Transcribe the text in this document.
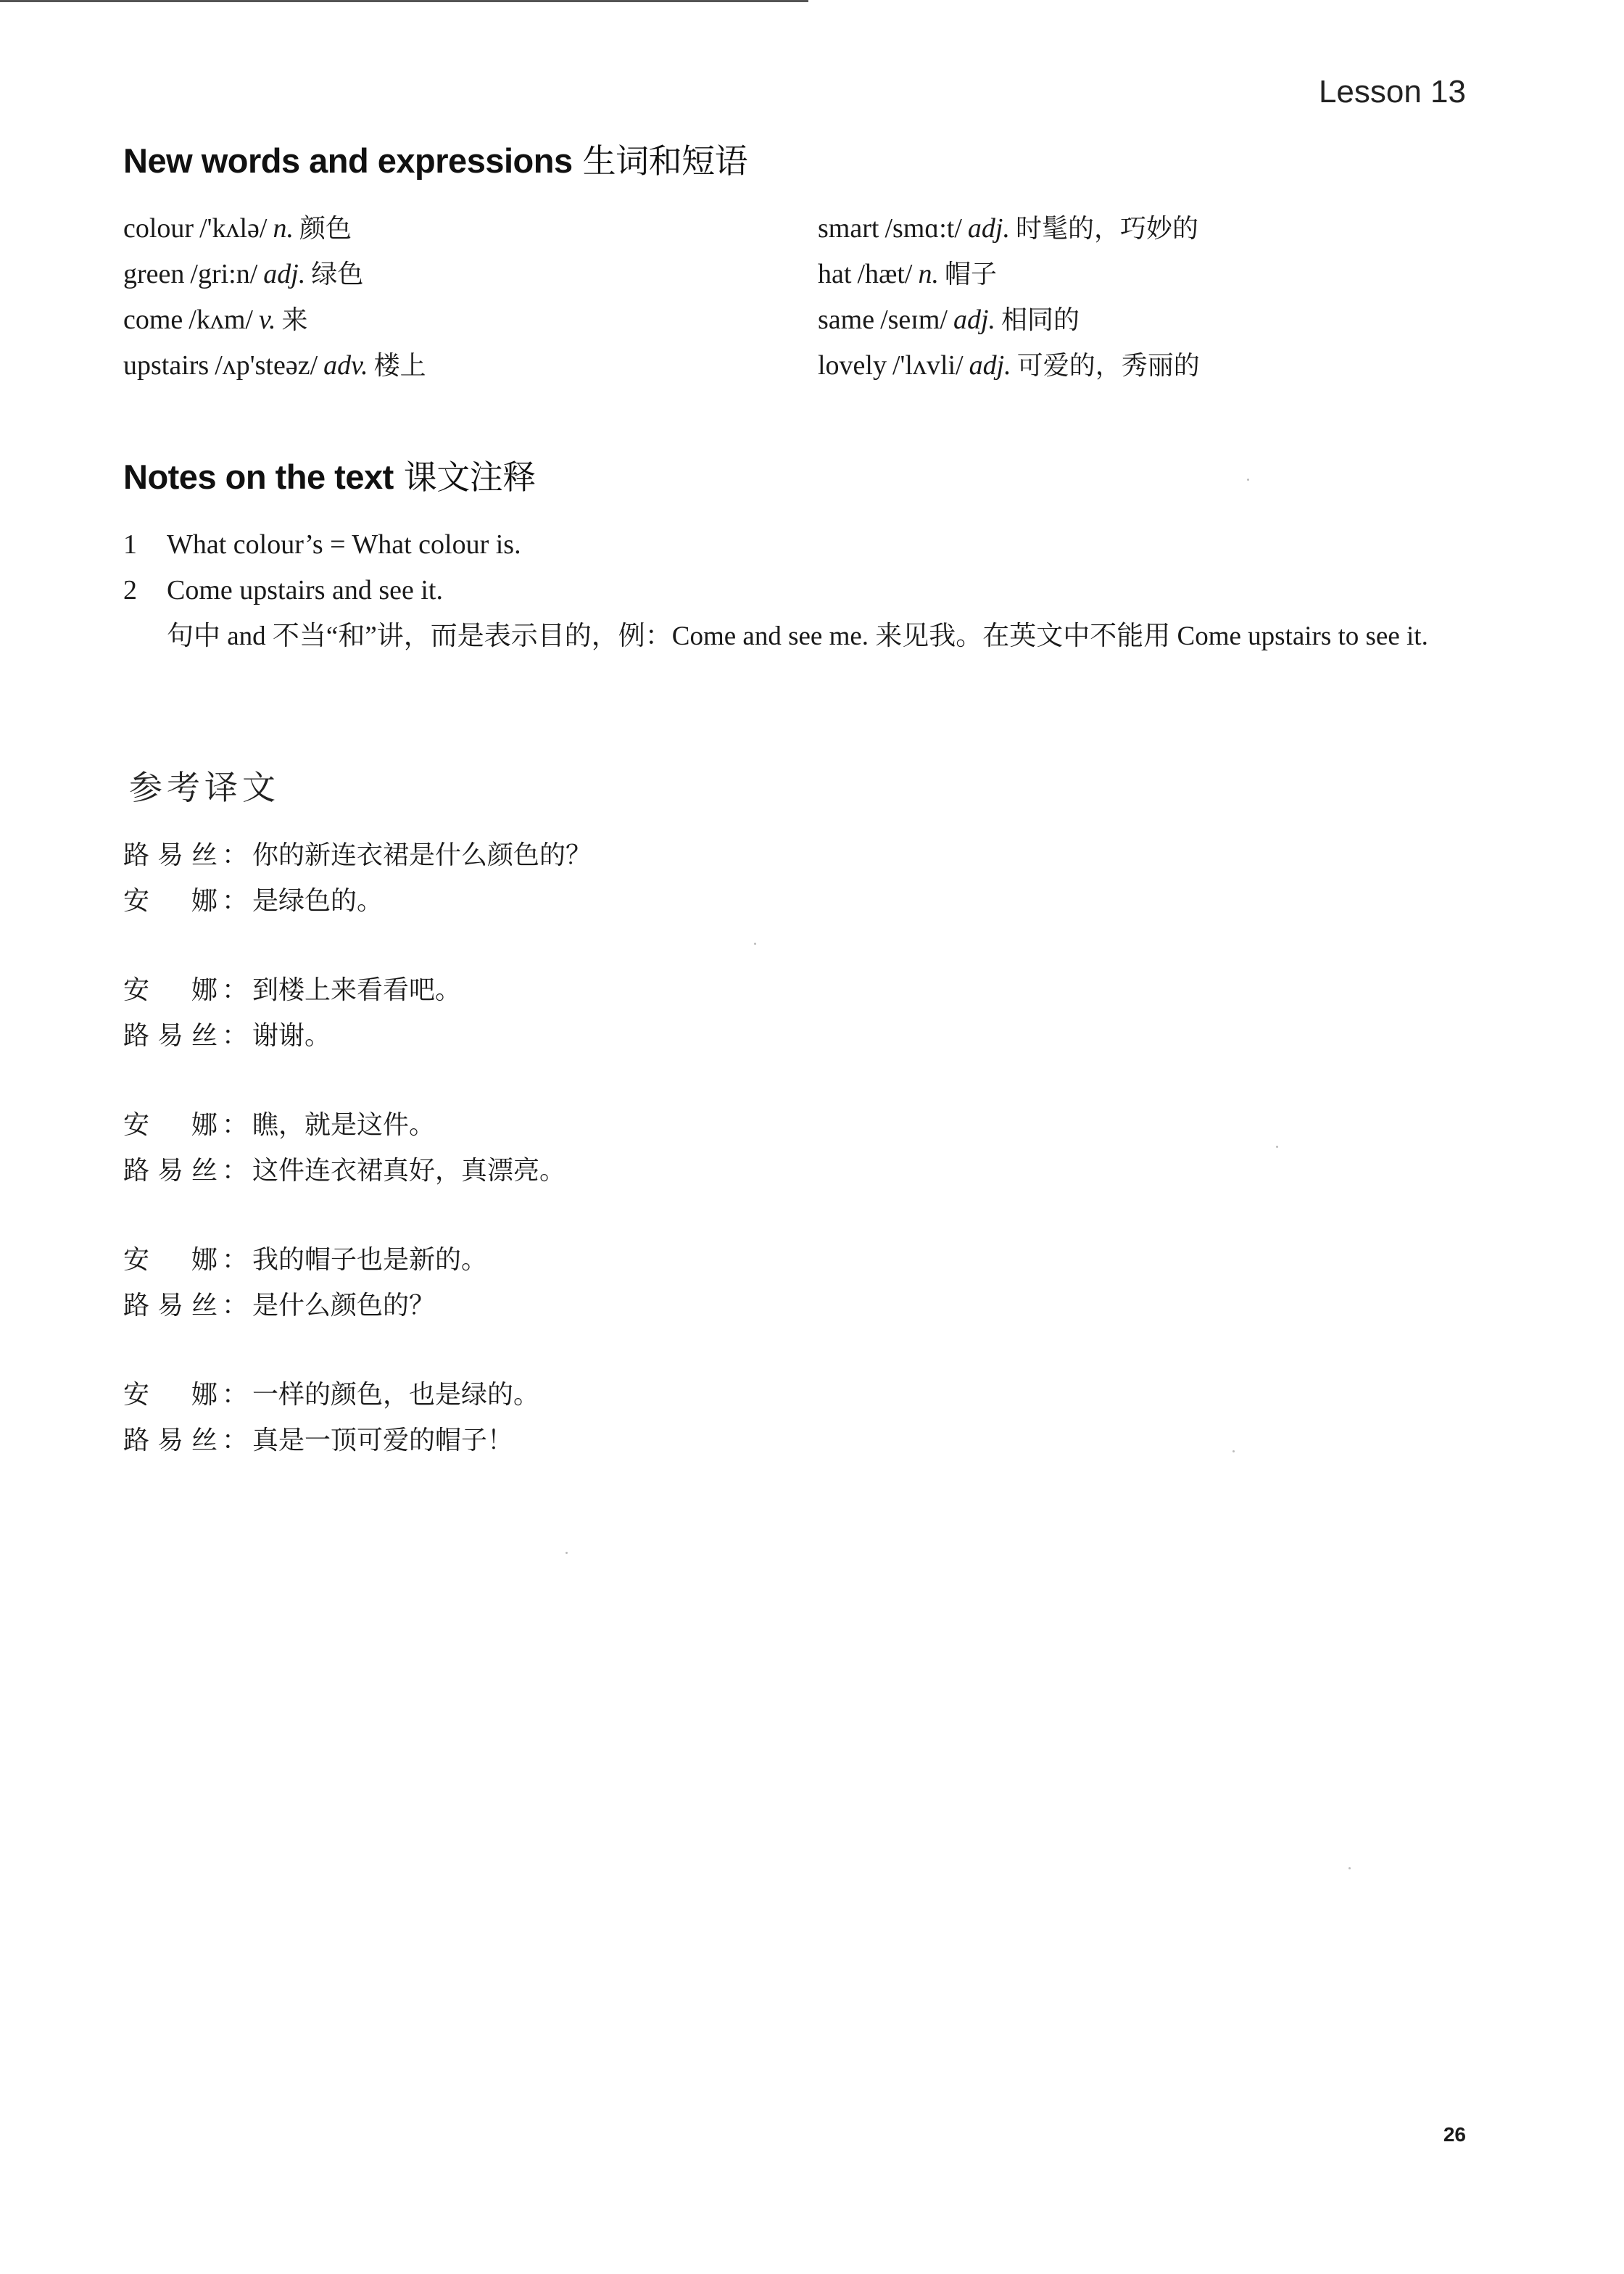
Lesson 13
New words and expressions 生词和短语
colour /'kʌlə/ n. 颜色
green /gri:n/ adj. 绿色
come /kʌm/ v. 来
upstairs /ʌp'steəz/ adv. 楼上
smart /smɑ:t/ adj. 时髦的，巧妙的
hat /hæt/ n. 帽子
same /seɪm/ adj. 相同的
lovely /'lʌvli/ adj. 可爱的，秀丽的
Notes on the text 课文注释
1	What colour’s = What colour is.
2	Come upstairs and see it.
句中 and 不当“和”讲，而是表示目的，例：Come and see me. 来见我。在英文中不能用 Come upstairs to see it.
参考译文
路易丝 ： 你的新连衣裙是什么颜色的？
安娜 ： 是绿色的。
安娜 ： 到楼上来看看吧。
路易丝 ： 谢谢。
安娜 ： 瞧，就是这件。
路易丝 ： 这件连衣裙真好，真漂亮。
安娜 ： 我的帽子也是新的。
路易丝 ： 是什么颜色的？
安娜 ： 一样的颜色，也是绿的。
路易丝 ： 真是一顶可爱的帽子！
26
